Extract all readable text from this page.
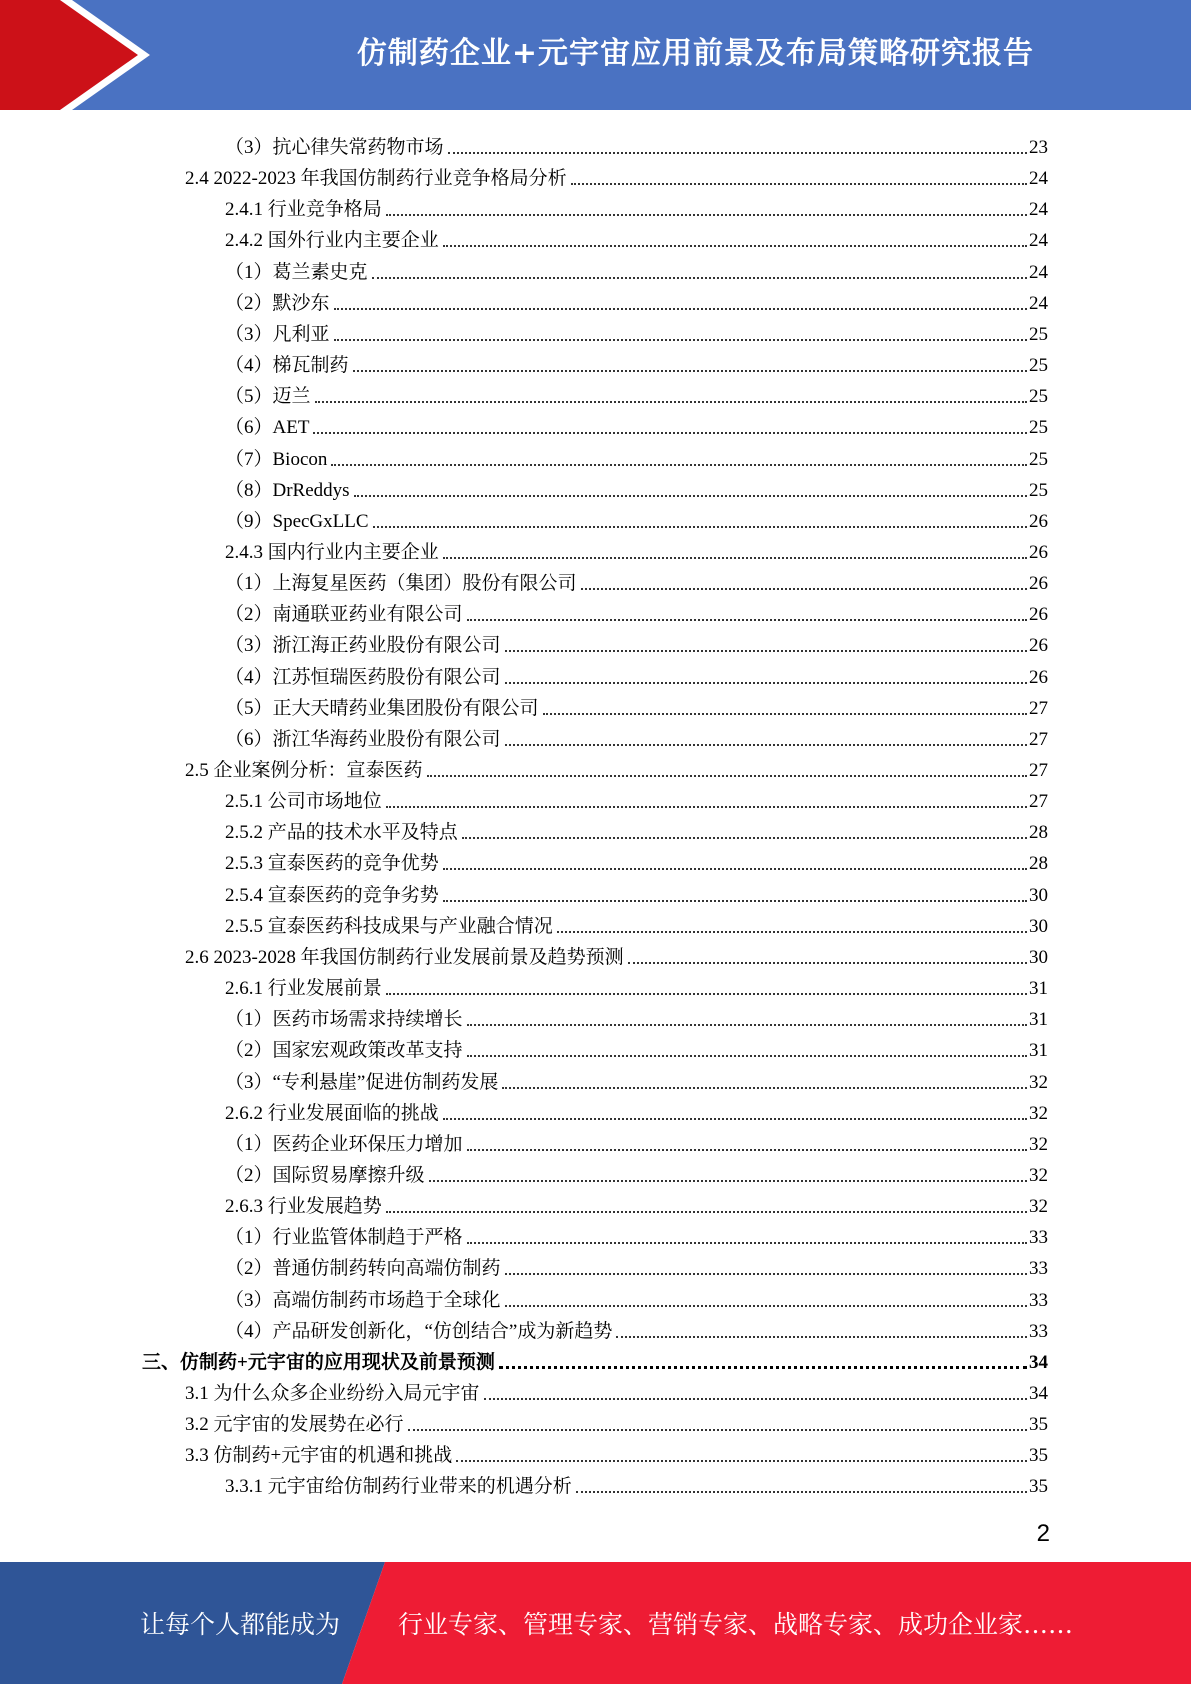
仿制药企业+元宇宙应用前景及布局策略研究报告
（3）抗心律失常药物市场	23
2.4 2022-2023 年我国仿制药行业竞争格局分析	24
2.4.1 行业竞争格局	24
2.4.2 国外行业内主要企业	24
（1）葛兰素史克	24
（2）默沙东	24
（3）凡利亚	25
（4）梯瓦制药	25
（5）迈兰	25
（6）AET	25
（7）Biocon	25
（8）DrReddys	25
（9）SpecGxLLC	26
2.4.3 国内行业内主要企业	26
（1）上海复星医药（集团）股份有限公司	26
（2）南通联亚药业有限公司	26
（3）浙江海正药业股份有限公司	26
（4）江苏恒瑞医药股份有限公司	26
（5）正大天晴药业集团股份有限公司	27
（6）浙江华海药业股份有限公司	27
2.5 企业案例分析：宣泰医药	27
2.5.1 公司市场地位	27
2.5.2 产品的技术水平及特点	28
2.5.3 宣泰医药的竞争优势	28
2.5.4 宣泰医药的竞争劣势	30
2.5.5 宣泰医药科技成果与产业融合情况	30
2.6 2023-2028 年我国仿制药行业发展前景及趋势预测	30
2.6.1 行业发展前景	31
（1）医药市场需求持续增长	31
（2）国家宏观政策改革支持	31
（3）“专利悬崖”促进仿制药发展	32
2.6.2 行业发展面临的挑战	32
（1）医药企业环保压力增加	32
（2）国际贸易摩擦升级	32
2.6.3 行业发展趋势	32
（1）行业监管体制趋于严格	33
（2）普通仿制药转向高端仿制药	33
（3）高端仿制药市场趋于全球化	33
（4）产品研发创新化，“仿创结合”成为新趋势	33
三、仿制药+元宇宙的应用现状及前景预测	34
3.1 为什么众多企业纷纷入局元宇宙	34
3.2 元宇宙的发展势在必行	35
3.3 仿制药+元宇宙的机遇和挑战	35
3.3.1 元宇宙给仿制药行业带来的机遇分析	35
2
让每个人都能成为 行业专家、管理专家、营销专家、战略专家、成功企业家……
